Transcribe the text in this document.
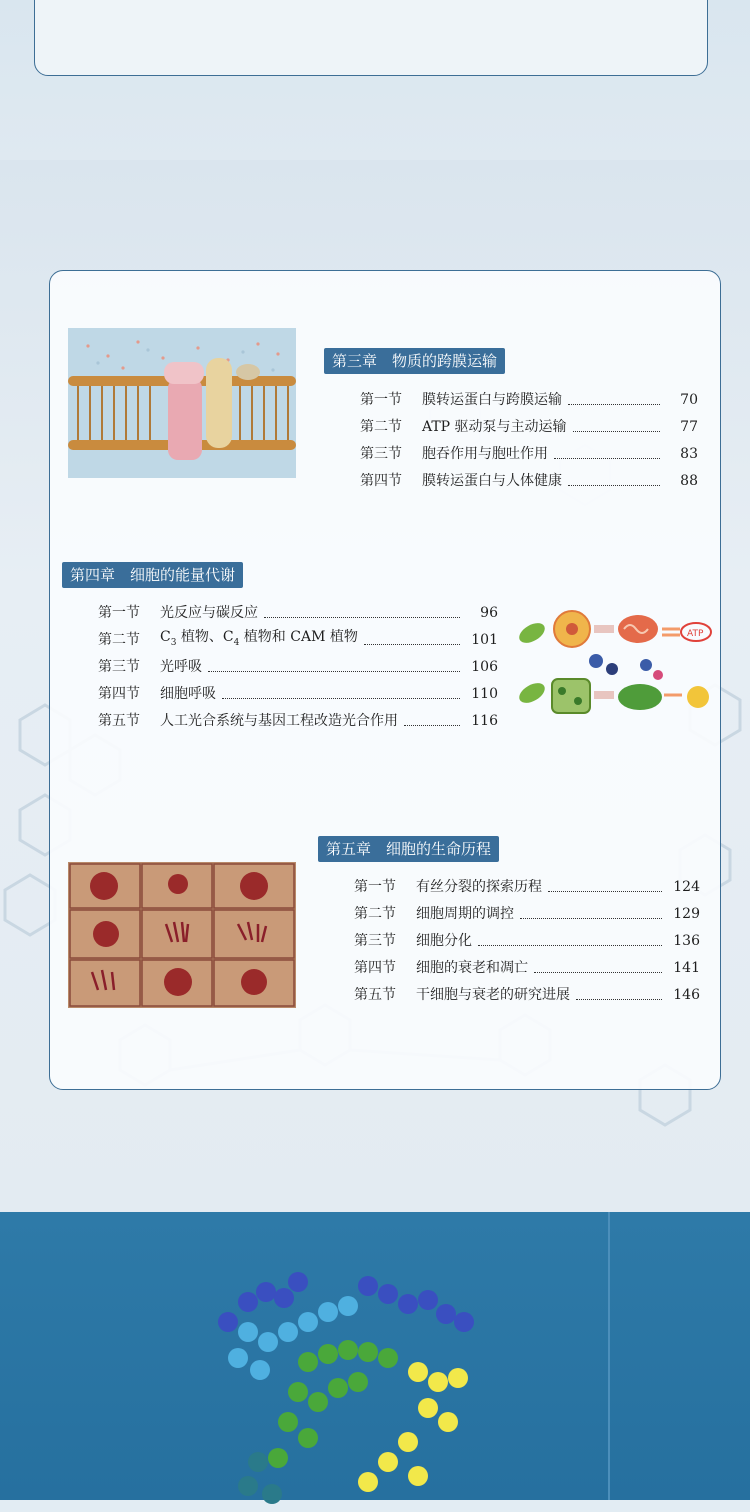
第三章　物质的跨膜运输
第一节	膜转运蛋白与跨膜运输	70
第二节	ATP 驱动泵与主动运输	77
第三节	胞吞作用与胞吐作用	83
第四节	膜转运蛋白与人体健康	88
第四章　细胞的能量代谢
第一节	光反应与碳反应	96
第二节	$C_3$ 植物、$C_4$ 植物和 CAM 植物	101
第三节	光呼吸	106
第四节	细胞呼吸	110
第五节	人工光合系统与基因工程改造光合作用	116
ATP
第五章　细胞的生命历程
第一节	有丝分裂的探索历程	124
第二节	细胞周期的调控	129
第三节	细胞分化	136
第四节	细胞的衰老和凋亡	141
第五节	干细胞与衰老的研究进展	146
